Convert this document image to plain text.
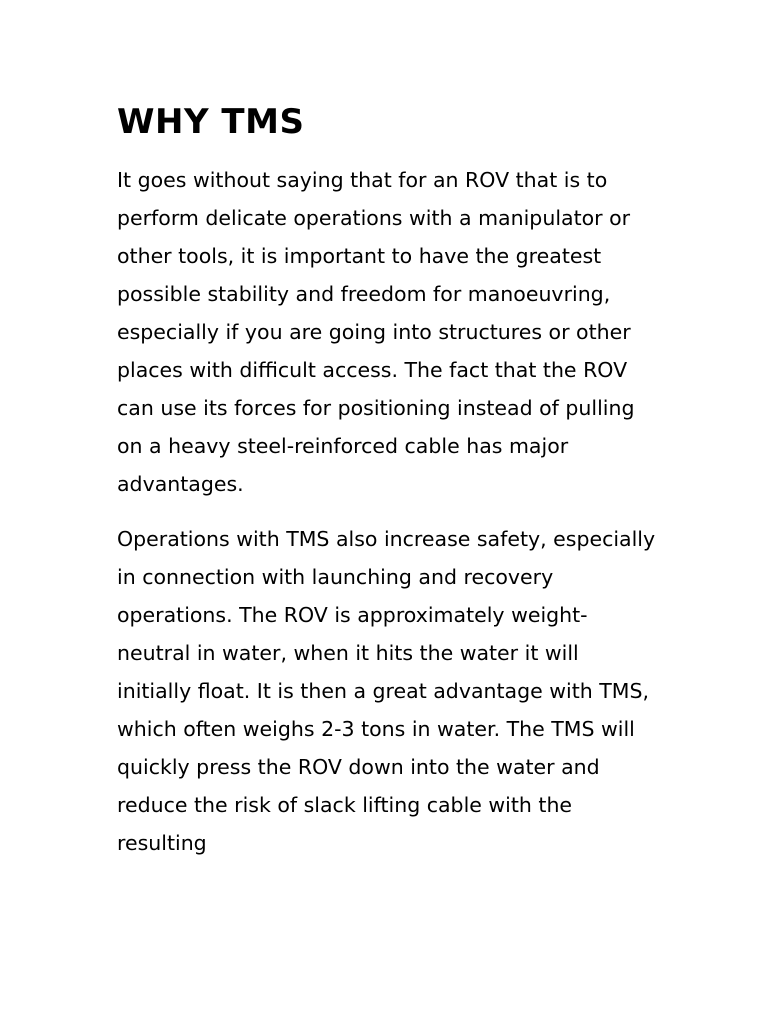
WHY TMS

It goes without saying that for an ROV that is to perform delicate operations with a manipulator or other tools, it is important to have the greatest possible stability and freedom for manoeuvring, especially if you are going into structures or other places with difficult access. The fact that the ROV can use its forces for positioning instead of pulling on a heavy steel-reinforced cable has major advantages.

Operations with TMS also increase safety, especially in connection with launching and recovery operations. The ROV is approximately weight-neutral in water, when it hits the water it will initially float. It is then a great advantage with TMS, which often weighs 2-3 tons in water. The TMS will quickly press the ROV down into the water and reduce the risk of slack lifting cable with the resulting
